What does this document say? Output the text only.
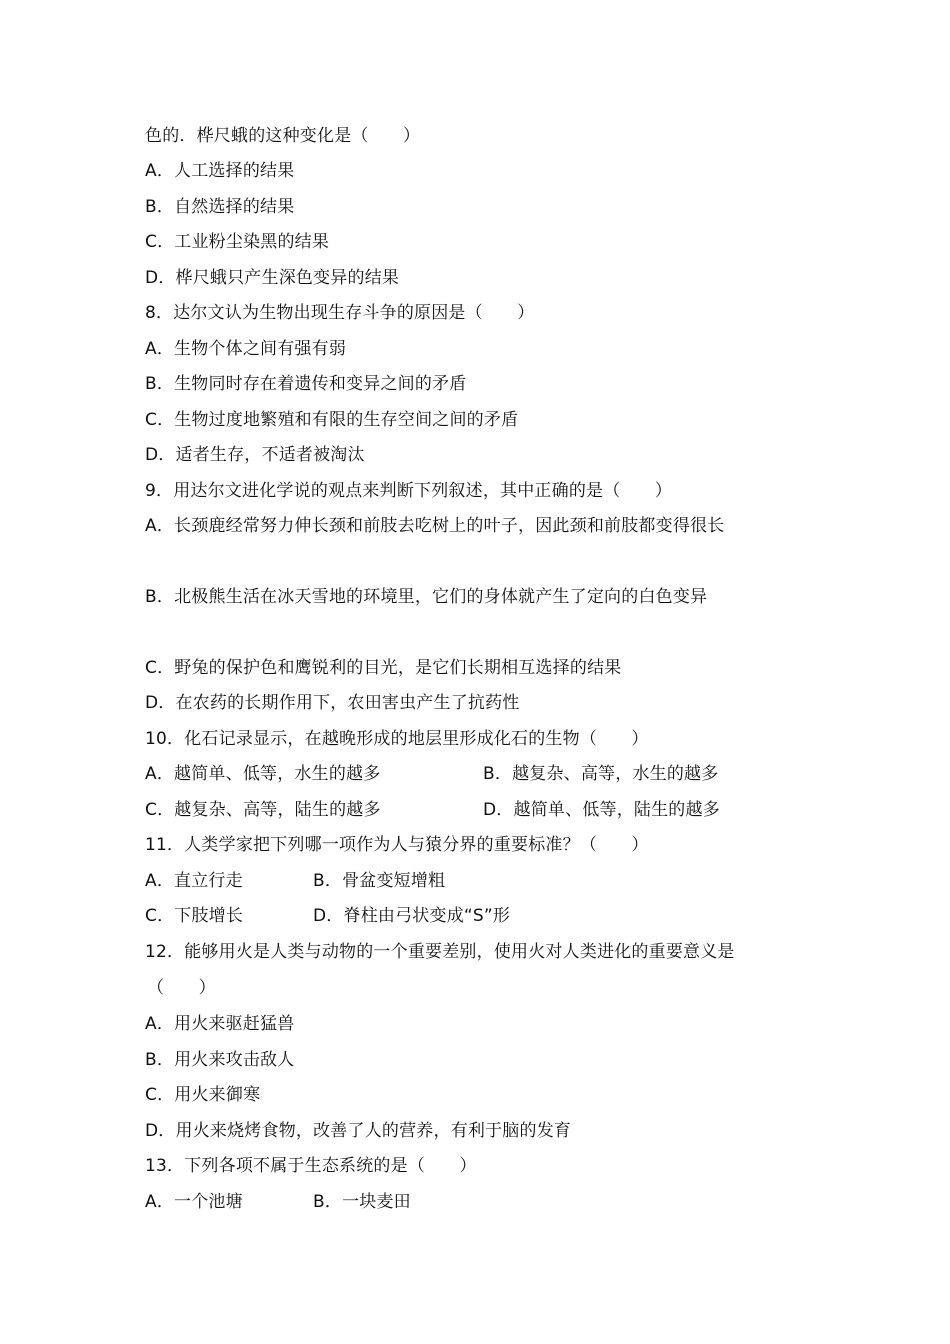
色的．桦尺蛾的这种变化是（　　）
A．人工选择的结果
B．自然选择的结果
C．工业粉尘染黑的结果
D．桦尺蛾只产生深色变异的结果
8．达尔文认为生物出现生存斗争的原因是（　　）
A．生物个体之间有强有弱
B．生物同时存在着遗传和变异之间的矛盾
C．生物过度地繁殖和有限的生存空间之间的矛盾
D．适者生存，不适者被淘汰
9．用达尔文进化学说的观点来判断下列叙述，其中正确的是（　　）
A．长颈鹿经常努力伸长颈和前肢去吃树上的叶子，因此颈和前肢都变得很长
B．北极熊生活在冰天雪地的环境里，它们的身体就产生了定向的白色变异
C．野兔的保护色和鹰锐利的目光，是它们长期相互选择的结果
D．在农药的长期作用下，农田害虫产生了抗药性
10．化石记录显示，在越晚形成的地层里形成化石的生物（　　）
A．越简单、低等，水生的越多	B．越复杂、高等，水生的越多
C．越复杂、高等，陆生的越多	D．越简单、低等，陆生的越多
11．人类学家把下列哪一项作为人与猿分界的重要标准？（　　）
A．直立行走	B．骨盆变短增粗
C．下肢增长	D．脊柱由弓状变成“S”形
12．能够用火是人类与动物的一个重要差别，使用火对人类进化的重要意义是
（　　）
A．用火来驱赶猛兽
B．用火来攻击敌人
C．用火来御寒
D．用火来烧烤食物，改善了人的营养，有利于脑的发育
13．下列各项不属于生态系统的是（　　）
A．一个池塘	B．一块麦田
